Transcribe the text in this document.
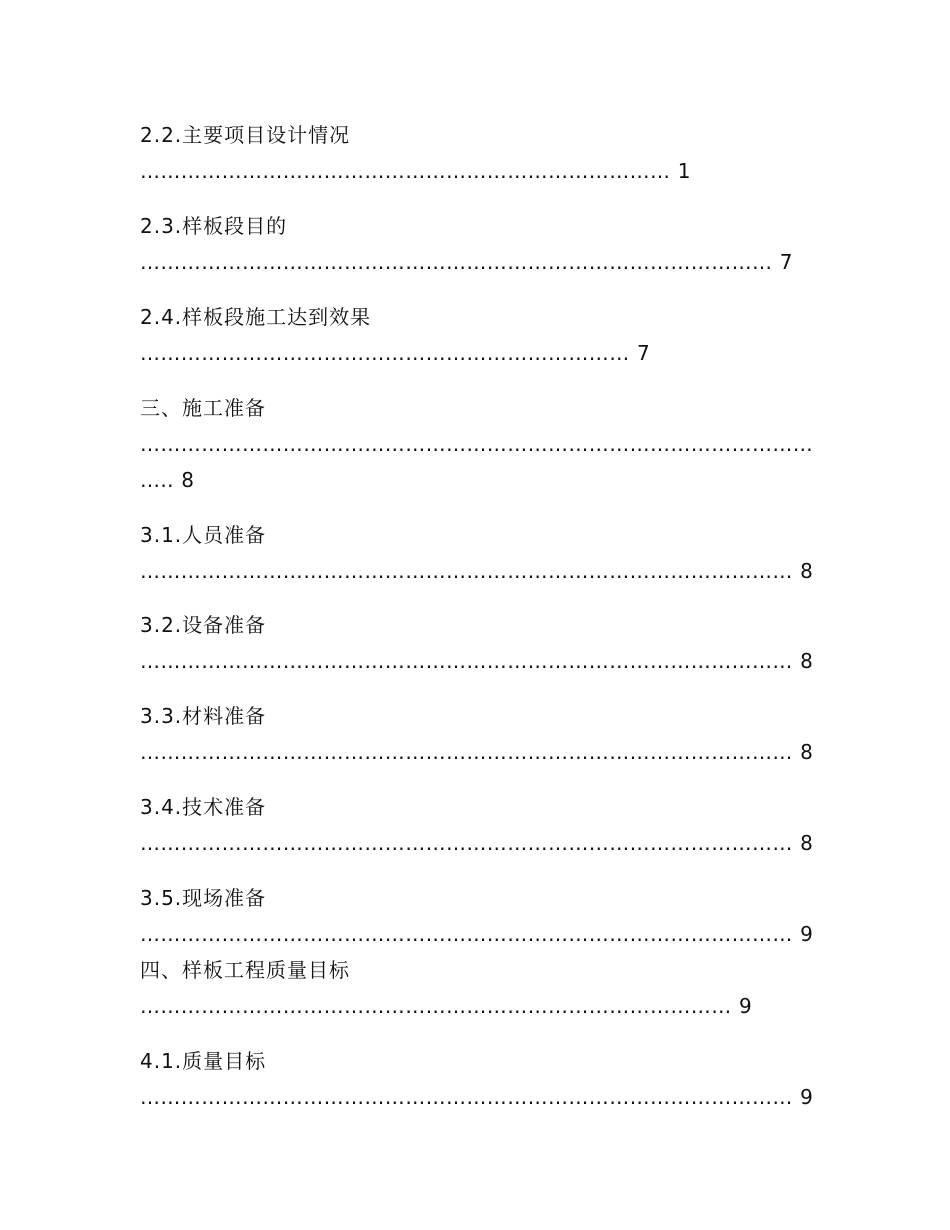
2.2.主要项目设计情况
…………………………………………………………………… 1
2.3.样板段目的
………………………………………………………………………………… 7
2.4.样板段施工达到效果
……………………………………………………………… 7
三、施工准备
………………………………………………………………………………………
….. 8
3.1.人员准备
…………………………………………………………………………………… 8
3.2.设备准备
…………………………………………………………………………………… 8
3.3.材料准备
…………………………………………………………………………………… 8
3.4.技术准备
…………………………………………………………………………………… 8
3.5.现场准备
…………………………………………………………………………………… 9
四、样板工程质量目标
…………………………………………………………………………… 9
4.1.质量目标
…………………………………………………………………………………… 9
